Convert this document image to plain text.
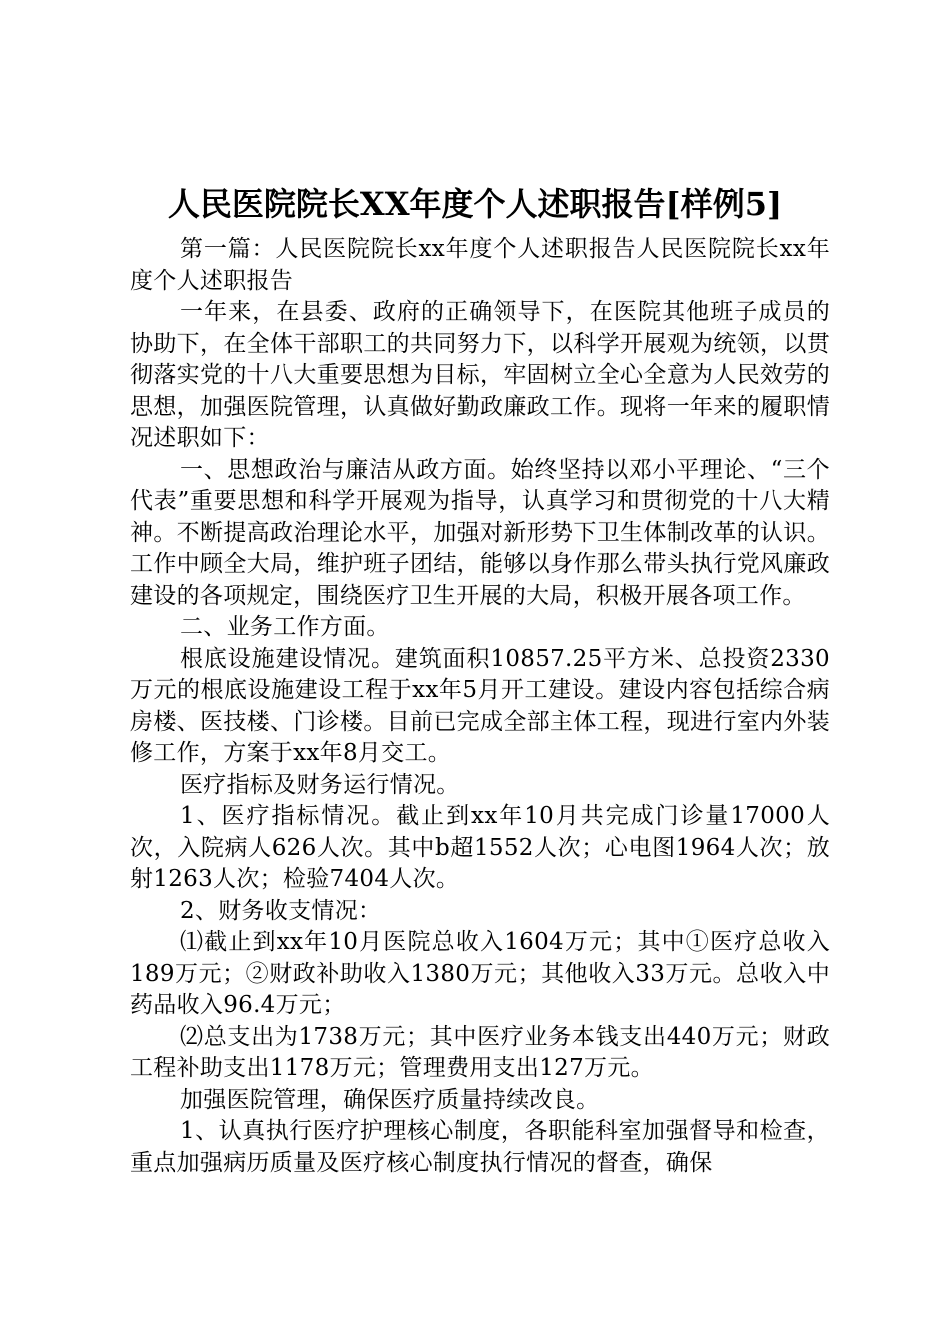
人民医院院长XX年度个人述职报告[样例5]

第一篇：人民医院院长xx年度个人述职报告人民医院院长xx年度个人述职报告

一年来，在县委、政府的正确领导下，在医院其他班子成员的协助下，在全体干部职工的共同努力下，以科学开展观为统领，以贯彻落实党的十八大重要思想为目标，牢固树立全心全意为人民效劳的思想，加强医院管理，认真做好勤政廉政工作。现将一年来的履职情况述职如下：

一、思想政治与廉洁从政方面。始终坚持以邓小平理论、“三个代表”重要思想和科学开展观为指导，认真学习和贯彻党的十八大精神。不断提高政治理论水平，加强对新形势下卫生体制改革的认识。工作中顾全大局，维护班子团结，能够以身作那么带头执行党风廉政建设的各项规定，围绕医疗卫生开展的大局，积极开展各项工作。

二、业务工作方面。

根底设施建设情况。建筑面积10857.25平方米、总投资2330万元的根底设施建设工程于xx年5月开工建设。建设内容包括综合病房楼、医技楼、门诊楼。目前已完成全部主体工程，现进行室内外装修工作，方案于xx年8月交工。

医疗指标及财务运行情况。

1、医疗指标情况。截止到xx年10月共完成门诊量17000人次，入院病人626人次。其中b超1552人次；心电图1964人次；放射1263人次；检验7404人次。

2、财务收支情况：

⑴截止到xx年10月医院总收入1604万元；其中①医疗总收入189万元；②财政补助收入1380万元；其他收入33万元。总收入中药品收入96.4万元；

⑵总支出为1738万元；其中医疗业务本钱支出440万元；财政工程补助支出1178万元；管理费用支出127万元。

加强医院管理，确保医疗质量持续改良。

1、认真执行医疗护理核心制度，各职能科室加强督导和检查，重点加强病历质量及医疗核心制度执行情况的督查，确保
